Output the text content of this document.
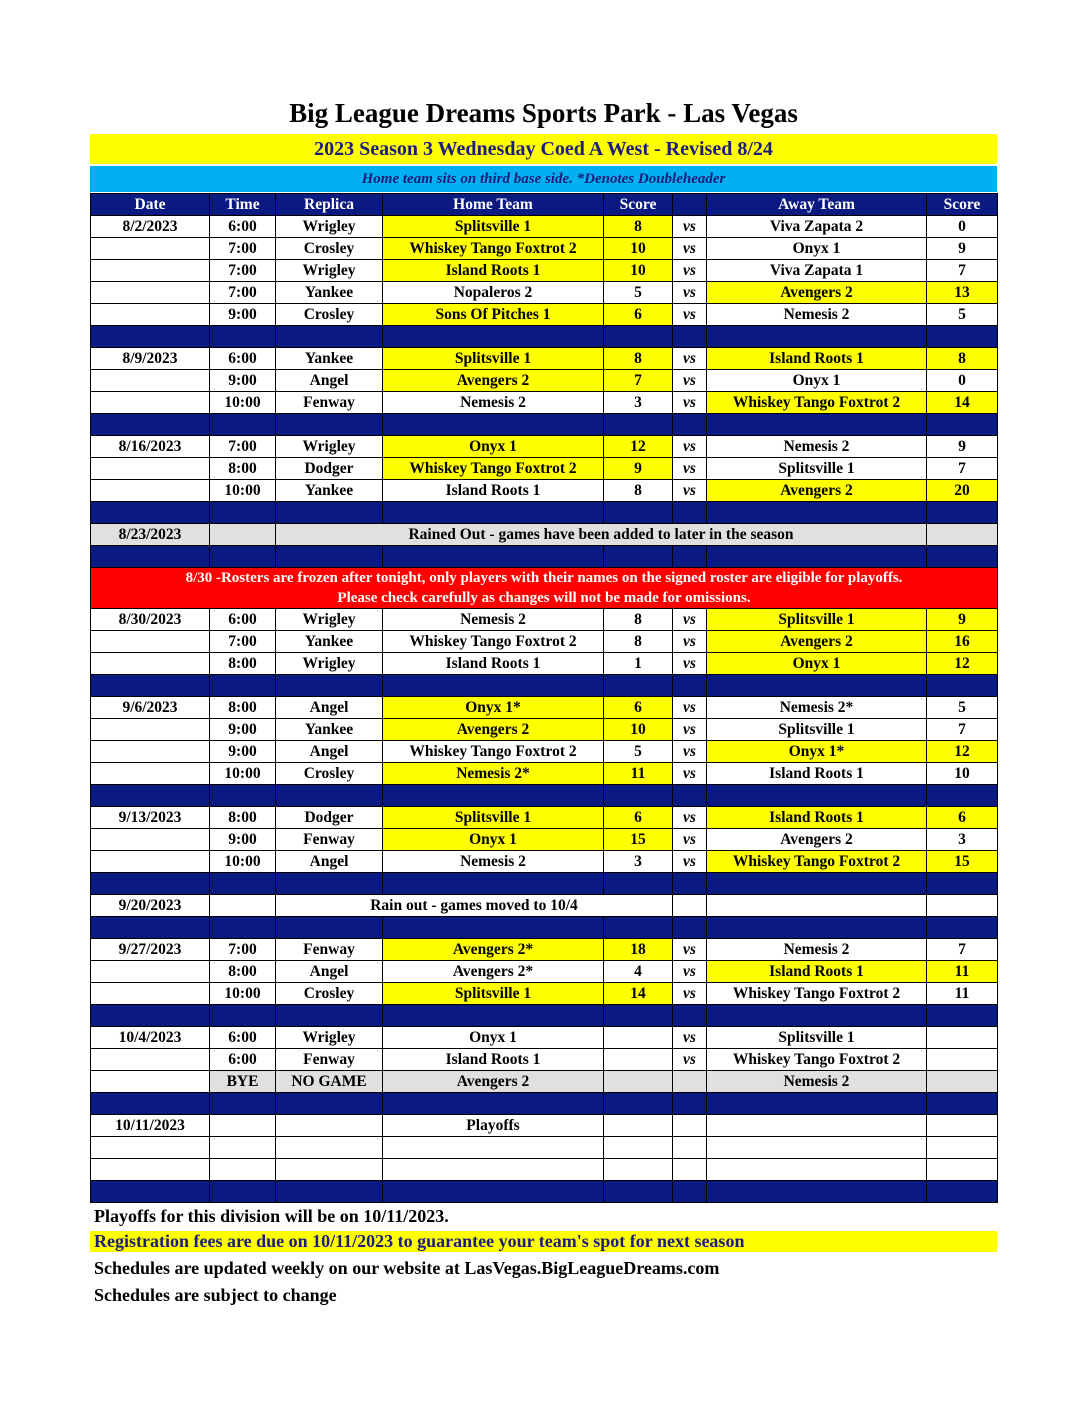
Big League Dreams Sports Park - Las Vegas
2023 Season 3 Wednesday Coed A West - Revised 8/24
Home team sits on third base side. *Denotes Doubleheader
Date	Time	Replica	Home Team	Score		Away Team	Score
8/2/2023	6:00	Wrigley	Splitsville 1	8	vs	Viva Zapata 2	0
	7:00	Crosley	Whiskey Tango Foxtrot 2	10	vs	Onyx 1	9
	7:00	Wrigley	Island Roots 1	10	vs	Viva Zapata 1	7
	7:00	Yankee	Nopaleros 2	5	vs	Avengers 2	13
	9:00	Crosley	Sons Of Pitches 1	6	vs	Nemesis 2	5

8/9/2023	6:00	Yankee	Splitsville 1	8	vs	Island Roots 1	8
	9:00	Angel	Avengers 2	7	vs	Onyx 1	0
	10:00	Fenway	Nemesis 2	3	vs	Whiskey Tango Foxtrot 2	14

8/16/2023	7:00	Wrigley	Onyx 1	12	vs	Nemesis 2	9
	8:00	Dodger	Whiskey Tango Foxtrot 2	9	vs	Splitsville 1	7
	10:00	Yankee	Island Roots 1	8	vs	Avengers 2	20

8/23/2023		Rained Out - games have been added to later in the season					

8/30 -Rosters are frozen after tonight, only players with their names on the signed roster are eligible for playoffs.
Please check carefully as changes will not be made for omissions.							

8/30/2023	6:00	Wrigley	Nemesis 2	8	vs	Splitsville 1	9
	7:00	Yankee	Whiskey Tango Foxtrot 2	8	vs	Avengers 2	16
	8:00	Wrigley	Island Roots 1	1	vs	Onyx 1	12

9/6/2023	8:00	Angel	Onyx 1*	6	vs	Nemesis 2*	5
	9:00	Yankee	Avengers 2	10	vs	Splitsville 1	7
	9:00	Angel	Whiskey Tango Foxtrot 2	5	vs	Onyx 1*	12
	10:00	Crosley	Nemesis 2*	11	vs	Island Roots 1	10

9/13/2023	8:00	Dodger	Splitsville 1	6	vs	Island Roots 1	6
	9:00	Fenway	Onyx 1	15	vs	Avengers 2	3
	10:00	Angel	Nemesis 2	3	vs	Whiskey Tango Foxtrot 2	15

9/20/2023		Rain out - games moved to 10/4					

9/27/2023	7:00	Fenway	Avengers 2*	18	vs	Nemesis 2	7
	8:00	Angel	Avengers 2*	4	vs	Island Roots 1	11
	10:00	Crosley	Splitsville 1	14	vs	Whiskey Tango Foxtrot 2	11

10/4/2023	6:00	Wrigley	Onyx 1		vs	Splitsville 1	
	6:00	Fenway	Island Roots 1		vs	Whiskey Tango Foxtrot 2	
	BYE	NO GAME	Avengers 2			Nemesis 2	

10/11/2023			Playoffs				

Playoffs for this division will be on 10/11/2023.
Registration fees are due on 10/11/2023 to guarantee your team's spot for next season
Schedules are updated weekly on our website at LasVegas.BigLeagueDreams.com
Schedules are subject to change
